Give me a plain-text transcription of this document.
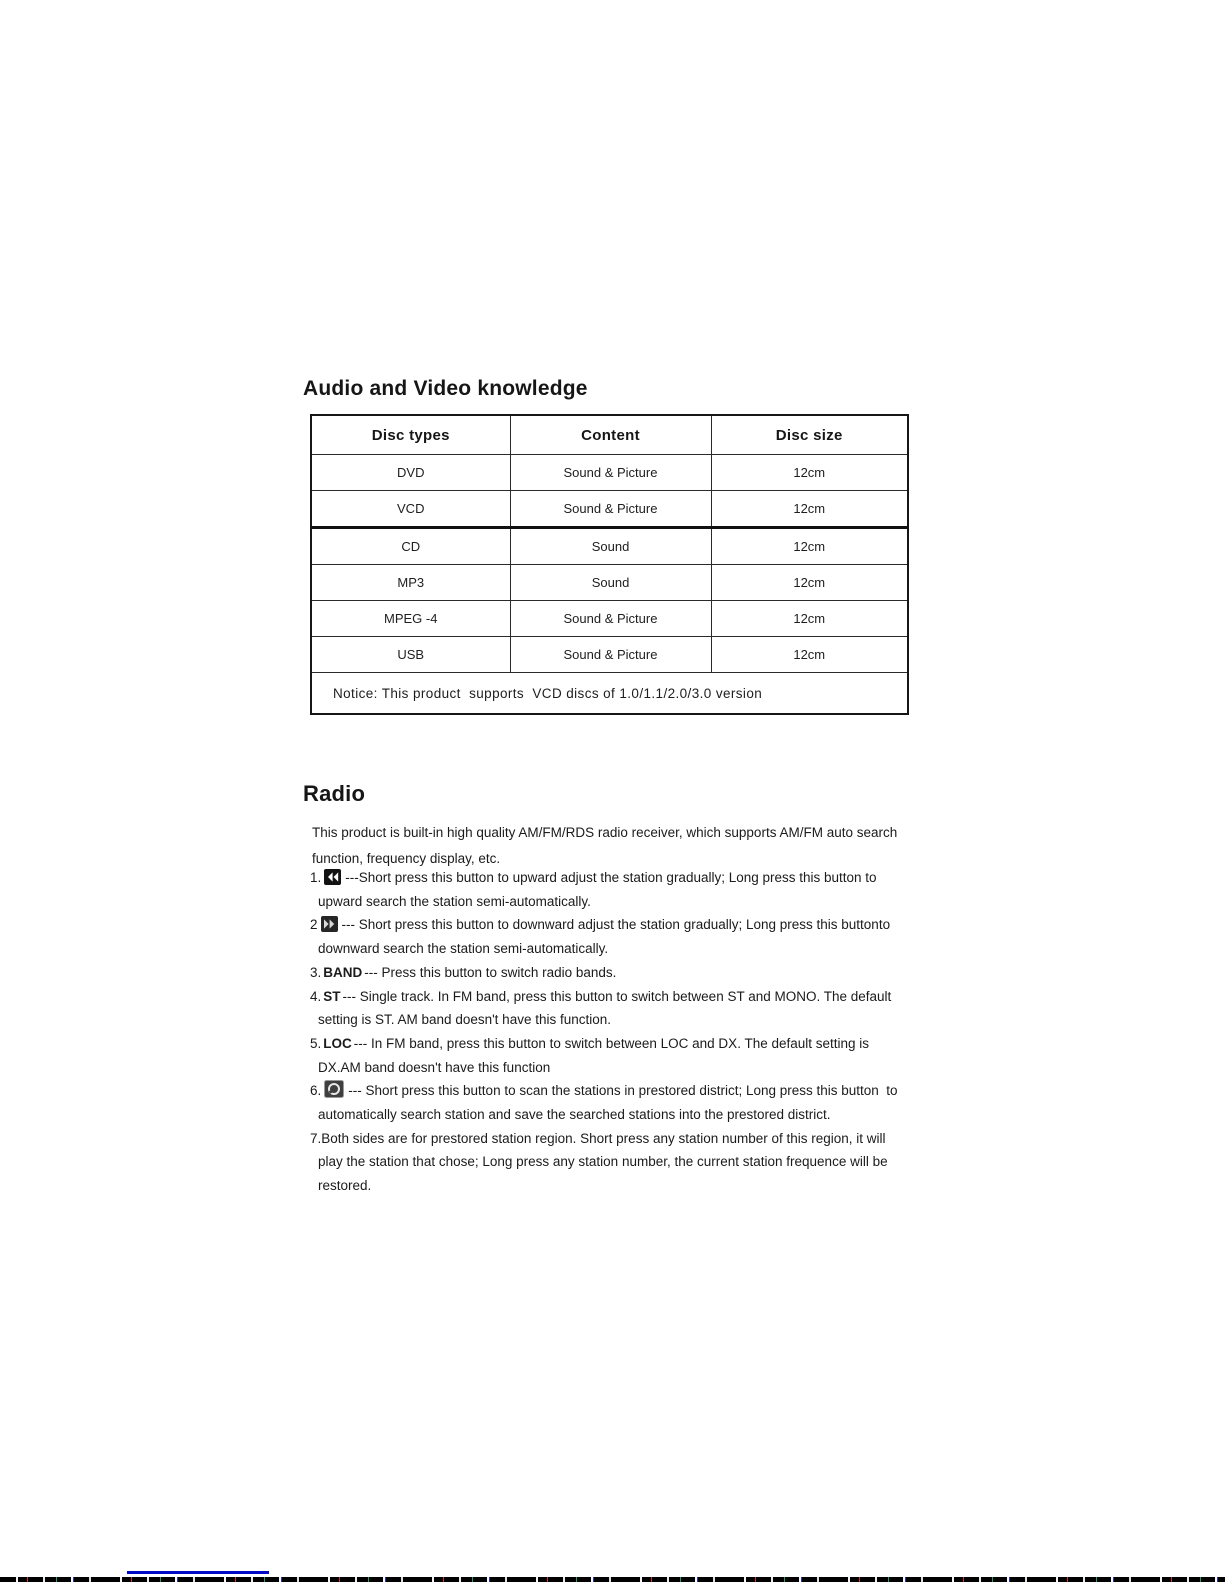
Audio and Video knowledge
Disc types	Content	Disc size
DVD	Sound & Picture	12cm
VCD	Sound & Picture	12cm
CD	Sound	12cm
MP3	Sound	12cm
MPEG -4	Sound & Picture	12cm
USB	Sound & Picture	12cm
Notice: This product  supports  VCD discs of 1.0/1.1/2.0/3.0 version		
Radio
This product is built-in high quality AM/FM/RDS radio receiver, which supports AM/FM auto search function, frequency display, etc.
1. ---Short press this button to upward adjust the station gradually; Long press this button to upward search the station semi-automatically.
2 --- Short press this button to downward adjust the station gradually; Long press this buttonto downward search the station semi-automatically.
3. BAND --- Press this button to switch radio bands.
4. ST --- Single track. In FM band, press this button to switch between ST and MONO. The default setting is ST. AM band doesn't have this function.
5. LOC --- In FM band, press this button to switch between LOC and DX. The default setting is DX.AM band doesn't have this function
6. --- Short press this button to scan the stations in prestored district; Long press this button  to automatically search station and save the searched stations into the prestored district.
7.Both sides are for prestored station region. Short press any station number of this region, it will play the station that chose; Long press any station number, the current station frequence will be  restored.
